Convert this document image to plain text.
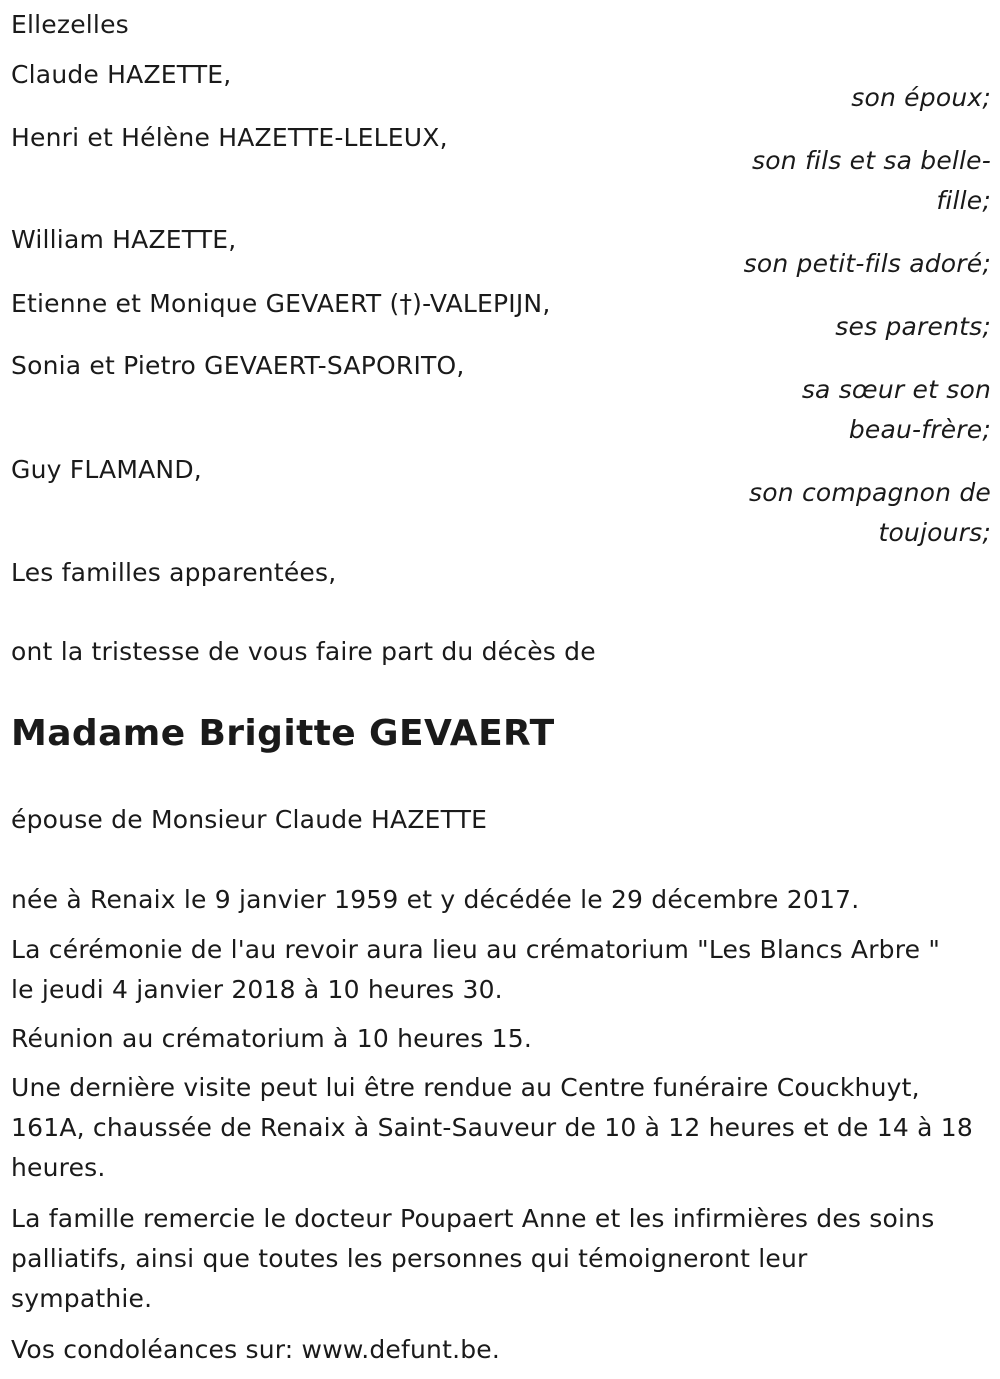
Ellezelles
Claude HAZETTE,
son époux;
Henri et Hélène HAZETTE-LELEUX,
son fils et sa belle-
fille;
William HAZETTE,
son petit-fils adoré;
Etienne et Monique GEVAERT (†)-VALEPIJN,
ses parents;
Sonia et Pietro GEVAERT-SAPORITO,
sa sœur et son
beau-frère;
Guy FLAMAND,
son compagnon de
toujours;
Les familles apparentées,
ont la tristesse de vous faire part du décès de
Madame Brigitte GEVAERT
épouse de Monsieur Claude HAZETTE
née à Renaix le 9 janvier 1959 et y décédée le 29 décembre 2017.
La cérémonie de l'au revoir aura lieu au crématorium "Les Blancs Arbre "
le jeudi 4 janvier 2018 à 10 heures 30.
Réunion au crématorium à 10 heures 15.
Une dernière visite peut lui être rendue au Centre funéraire Couckhuyt,
161A, chaussée de Renaix à Saint-Sauveur de 10 à 12 heures et de 14 à 18
heures.
La famille remercie le docteur Poupaert Anne et les infirmières des soins
palliatifs, ainsi que toutes les personnes qui témoigneront leur
sympathie.
Vos condoléances sur: www.defunt.be.
